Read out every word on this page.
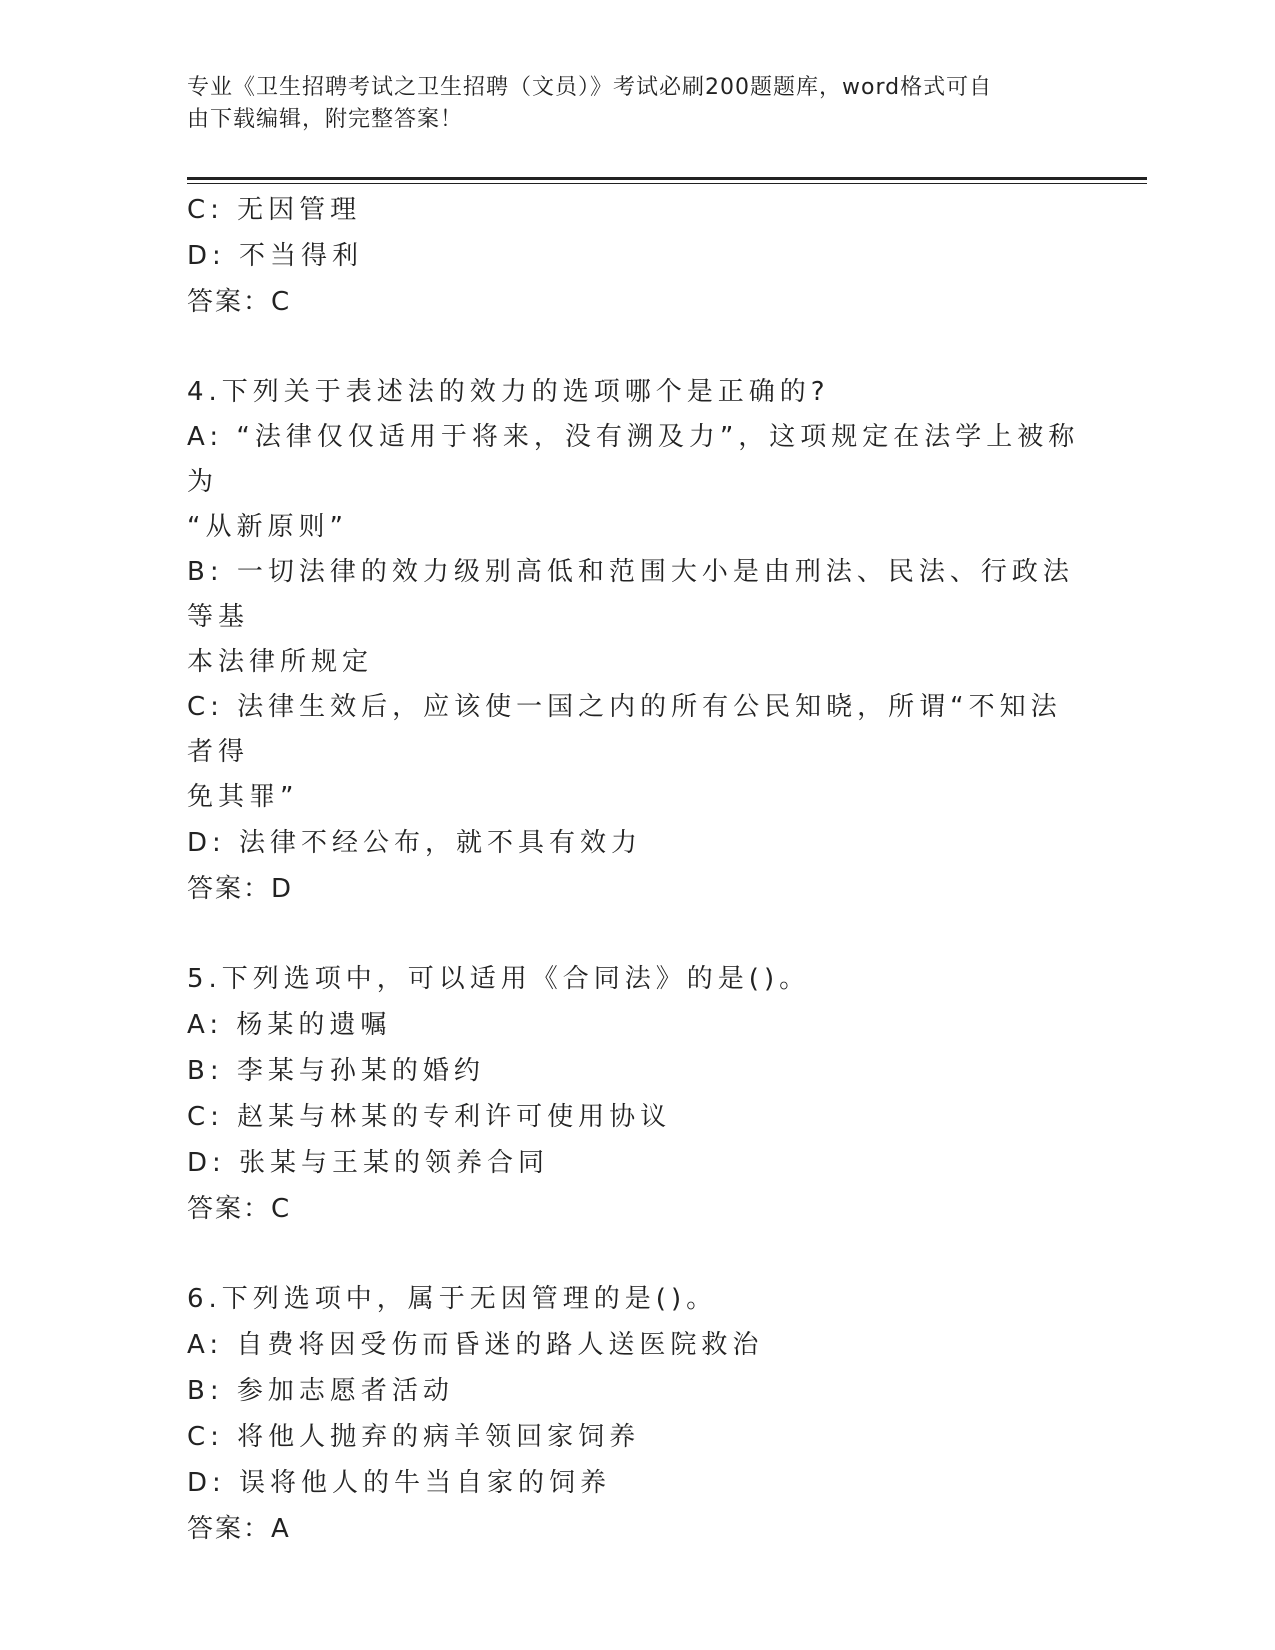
专业《卫生招聘考试之卫生招聘（文员）》考试必刷200题题库，word格式可自
由下载编辑，附完整答案！
C: 无因管理
D: 不当得利
答案：C
4.下列关于表述法的效力的选项哪个是正确的?
A: “法律仅仅适用于将来，没有溯及力”，这项规定在法学上被称为
“从新原则”
B: 一切法律的效力级别高低和范围大小是由刑法、民法、行政法等基
本法律所规定
C: 法律生效后，应该使一国之内的所有公民知晓，所谓“不知法者得
免其罪”
D: 法律不经公布，就不具有效力
答案：D
5.下列选项中，可以适用《合同法》的是()。
A: 杨某的遗嘱
B: 李某与孙某的婚约
C: 赵某与林某的专利许可使用协议
D: 张某与王某的领养合同
答案：C
6.下列选项中，属于无因管理的是()。
A: 自费将因受伤而昏迷的路人送医院救治
B: 参加志愿者活动
C: 将他人抛弃的病羊领回家饲养
D: 误将他人的牛当自家的饲养
答案：A
